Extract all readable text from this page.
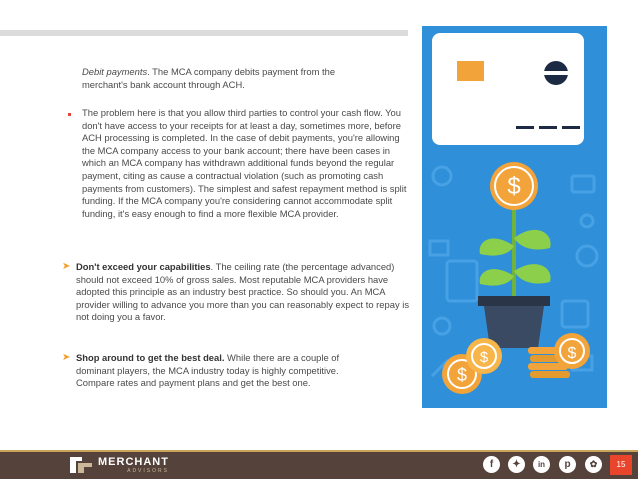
Debit payments. The MCA company debits payment from the merchant's bank account through ACH.

The problem here is that you allow third parties to control your cash flow. You don't have access to your receipts for at least a day, sometimes more, before ACH processing is completed. In the case of debit payments, you're allowing the MCA company access to your bank account; there have been cases in which an MCA company has withdrawn additional funds beyond the regular payment, citing as cause a contractual violation (such as promoting cash payments from customers). The simplest and safest repayment method is split funding. If the MCA company you're considering cannot accommodate split funding, it's easy enough to find a more flexible MCA provider.

➤ Don't exceed your capabilities. The ceiling rate (the percentage advanced) should not exceed 10% of gross sales. Most reputable MCA providers have adopted this principle as an industry best practice. So should you. An MCA provider willing to advance you more than you can reasonably expect to repay is not doing you a favor.

➤ Shop around to get the best deal. While there are a couple of dominant players, the MCA industry today is highly competitive. Compare rates and payment plans and get the best one.

$
$
$	$
MERCHANT
ADVISORS
f	✦	in	p	✿	15
